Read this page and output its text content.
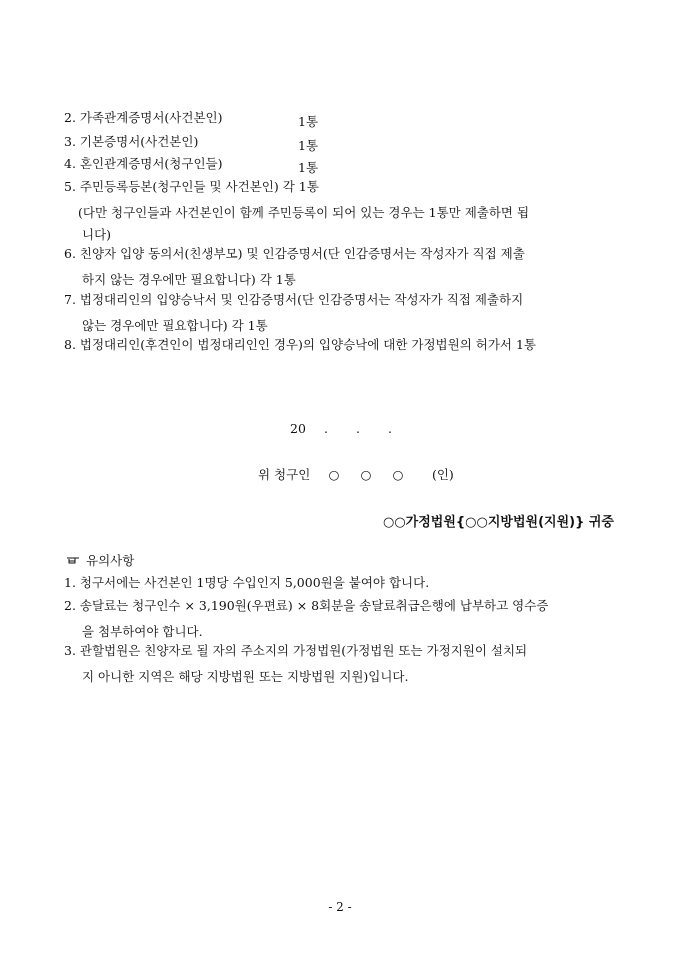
2. 가족관계증명서(사건본인)	1통
3. 기본증명서(사건본인)	1통
4. 혼인관계증명서(청구인들)	1통
5. 주민등록등본(청구인들 및 사건본인) 각 1통
(다만 청구인들과 사건본인이 함께 주민등록이 되어 있는 경우는 1통만 제출하면 됩
니다)
6. 친양자 입양 동의서(친생부모) 및 인감증명서(단 인감증명서는 작성자가 직접 제출
하지 않는 경우에만 필요합니다) 각 1통
7. 법정대리인의 입양승낙서 및 인감증명서(단 인감증명서는 작성자가 직접 제출하지
않는 경우에만 필요합니다) 각 1통
8. 법정대리인(후견인이 법정대리인인 경우)의 입양승낙에 대한 가정법원의 허가서 1통
20 . . .
위 청구인 ○ ○ ○ (인)
○○가정법원{○○지방법원(지원)} 귀중
유의사항
1. 청구서에는 사건본인 1명당 수입인지 5,000원을 붙여야 합니다.
2. 송달료는 청구인수 × 3,190원(우편료) × 8회분을 송달료취급은행에 납부하고 영수증
을 첨부하여야 합니다.
3. 관할법원은 친양자로 될 자의 주소지의 가정법원(가정법원 또는 가정지원이 설치되
지 아니한 지역은 해당 지방법원 또는 지방법원 지원)입니다.
- 2 -
